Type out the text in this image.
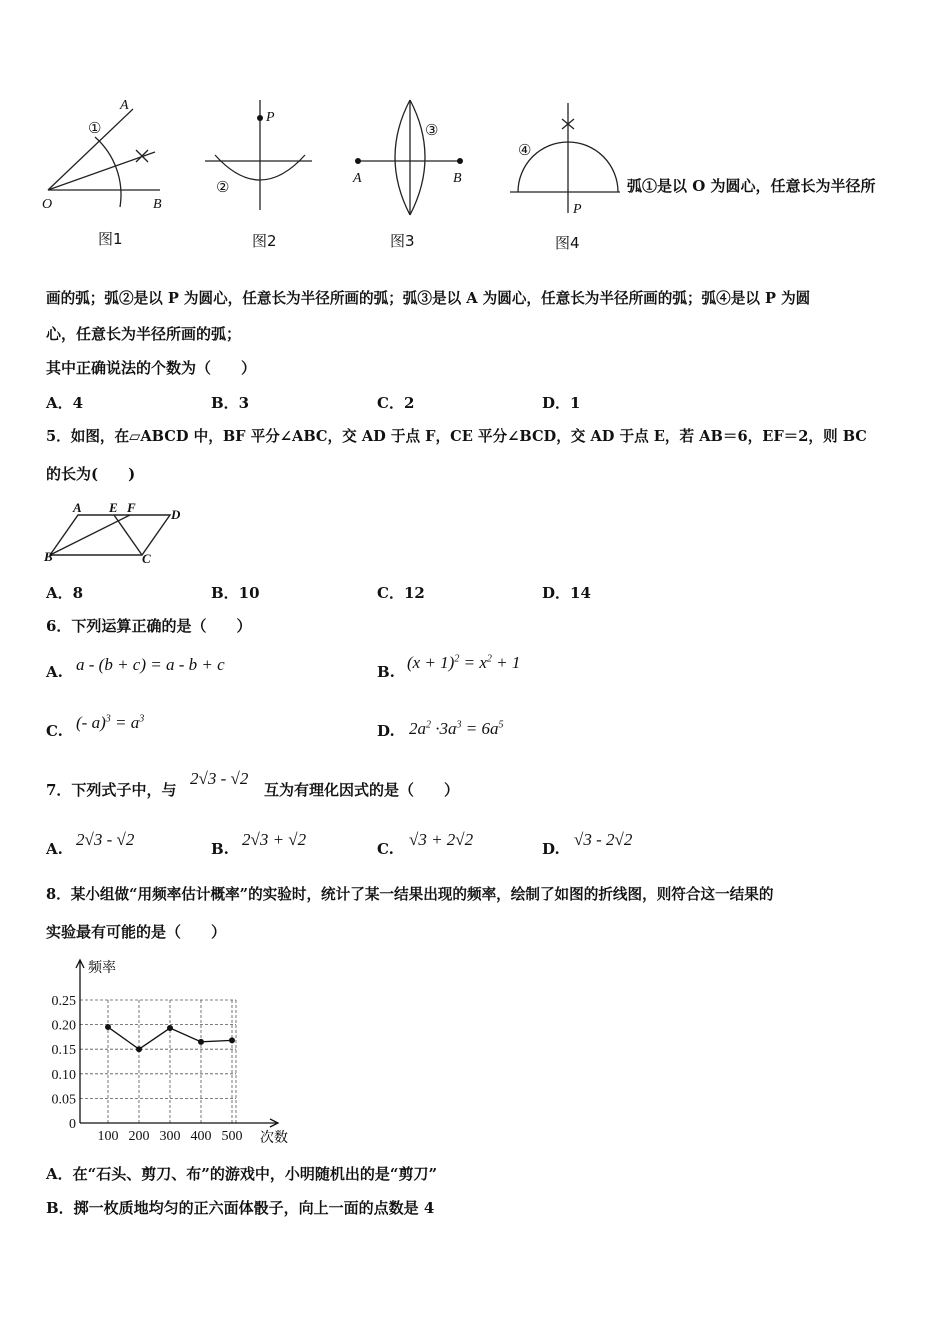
A
O	B
P
A	B
P
①
②
③
④
图1	图2	图3	图4
弧①是以 O 为圆心，任意长为半径所
画的弧；弧②是以 P 为圆心，任意长为半径所画的弧；弧③是以 A 为圆心，任意长为半径所画的弧；弧④是以 P 为圆
心，任意长为半径所画的弧；
其中正确说法的个数为（　　）
A．4	B．3	C．2	D．1
5．如图，在▱ABCD 中，BF 平分∠ABC，交 AD 于点 F，CE 平分∠BCD，交 AD 于点 E，若 AB＝6，EF＝2，则 BC
的长为(　　)
A E F	D
B	C
A．8	B．10	C．12	D．14
6．下列运算正确的是（　　）
A. a - (b + c) = a - b + c	B. $(x + 1)^2 = x^2 + 1$
C. (- $a)^3 = a^3$
D. $2a^2 \cdot 3a^3 = 6a^5$
7．下列式子中，与
2√3 - √2
互为有理化因式的是（　　）
A. 2√3 - √2	B. 2√3 + √2	C. √3 + 2√2	D. √3 - 2√2
8．某小组做“用频率估计概率”的实验时，统计了某一结果出现的频率，绘制了如图的折线图，则符合这一结果的
实验最有可能的是（　　）
0.25
0.20
0.15
0.10
0.05
0
100 200 300 400 500
频率
次数
A．在“石头、剪刀、布”的游戏中，小明随机出的是“剪刀”
B．掷一枚质地均匀的正六面体骰子，向上一面的点数是 4
